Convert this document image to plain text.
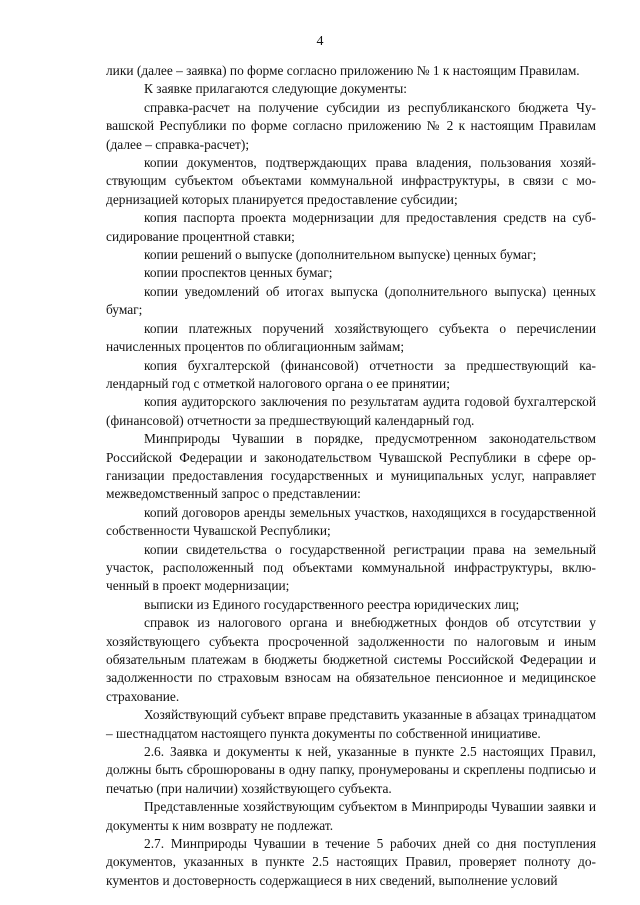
4

лики (далее – заявка) по форме согласно приложению № 1 к настоящим Правилам.

К заявке прилагаются следующие документы:

справка-расчет на получение субсидии из республиканского бюджета Чувашской Республики по форме согласно приложению № 2 к настоящим Правилам (далее – справка-расчет);

копии документов, подтверждающих права владения, пользования хозяйствующим субъектом объектами коммунальной инфраструктуры, в связи с модернизацией которых планируется предоставление субсидии;

копия паспорта проекта модернизации для предоставления средств на субсидирование процентной ставки;

копии решений о выпуске (дополнительном выпуске) ценных бумаг;

копии проспектов ценных бумаг;

копии уведомлений об итогах выпуска (дополнительного выпуска) ценных бумаг;

копии платежных поручений хозяйствующего субъекта о перечислении начисленных процентов по облигационным займам;

копия бухгалтерской (финансовой) отчетности за предшествующий календарный год с отметкой налогового органа о ее принятии;

копия аудиторского заключения по результатам аудита годовой бухгалтерской (финансовой) отчетности за предшествующий календарный год.

Минприроды Чувашии в порядке, предусмотренном законодательством Российской Федерации и законодательством Чувашской Республики в сфере организации предоставления государственных и муниципальных услуг, направляет межведомственный запрос о представлении:

копий договоров аренды земельных участков, находящихся в государственной собственности Чувашской Республики;

копии свидетельства о государственной регистрации права на земельный участок, расположенный под объектами коммунальной инфраструктуры, включенный в проект модернизации;

выписки из Единого государственного реестра юридических лиц;

справок из налогового органа и внебюджетных фондов об отсутствии у хозяйствующего субъекта просроченной задолженности по налоговым и иным обязательным платежам в бюджеты бюджетной системы Российской Федерации и задолженности по страховым взносам на обязательное пенсионное и медицинское страхование.

Хозяйствующий субъект вправе представить указанные в абзацах тринадцатом – шестнадцатом настоящего пункта документы по собственной инициативе.

2.6. Заявка и документы к ней, указанные в пункте 2.5 настоящих Правил, должны быть сброшюрованы в одну папку, пронумерованы и скреплены подписью и печатью (при наличии) хозяйствующего субъекта.

Представленные хозяйствующим субъектом в Минприроды Чувашии заявки и документы к ним возврату не подлежат.

2.7. Минприроды Чувашии в течение 5 рабочих дней со дня поступления документов, указанных в пункте 2.5 настоящих Правил, проверяет полноту документов и достоверность содержащиеся в них сведений, выполнение условий
